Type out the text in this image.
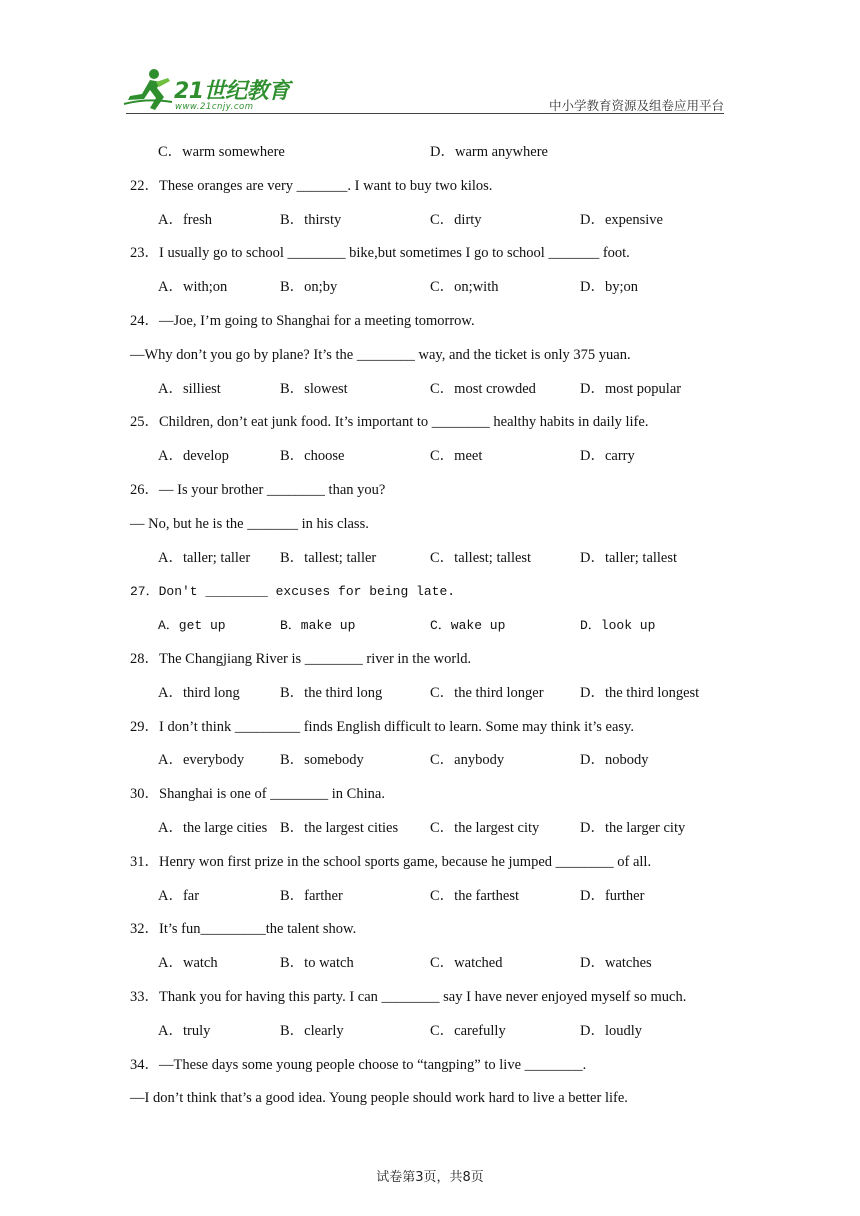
21世纪教育
www.21cnjy.com	中小学教育资源及组卷应用平台
C．warm somewhere	D．warm anywhere
22．These oranges are very _______. I want to buy two kilos.
A．fresh	B．thirsty	C．dirty	D．expensive
23．I usually go to school ________ bike,but sometimes I go to school _______ foot.
A．with;on	B．on;by	C．on;with	D．by;on
24．—Joe, I’m going to Shanghai for a meeting tomorrow.
—Why don’t you go by plane? It’s the ________ way, and the ticket is only 375 yuan.
A．silliest	B．slowest	C．most crowded	D．most popular
25．Children, don’t eat junk food. It’s important to ________ healthy habits in daily life.
A．develop	B．choose	C．meet	D．carry
26．— Is your brother ________ than you?
— No, but he is the _______ in his class.
A．taller; taller B．tallest; taller	C．tallest; tallest	D．taller; tallest
27．Don't ________ excuses for being late.
A．get up	B．make up	C．wake up	D．look up
28．The Changjiang River is ________ river in the world.
A．third long	B．the third long	C．the third longer	D．the third longest
29．I don’t think _________ finds English difficult to learn. Some may think it’s easy.
A．everybody B．somebody	C．anybody	D．nobody
30．Shanghai is one of ________ in China.
A．the large cities B．the largest cities C．the largest city	D．the larger city
31．Henry won first prize in the school sports game, because he jumped ________ of all.
A．far	B．farther	C．the farthest	D．further
32．It’s fun_________the talent show.
A．watch	B．to watch	C．watched	D．watches
33．Thank you for having this party. I can ________ say I have never enjoyed myself so much.
A．truly	B．clearly	C．carefully	D．loudly
34．—These days some young people choose to “tangping” to live ________.
—I don’t think that’s a good idea. Young people should work hard to live a better life.
试卷第3页，共8页
